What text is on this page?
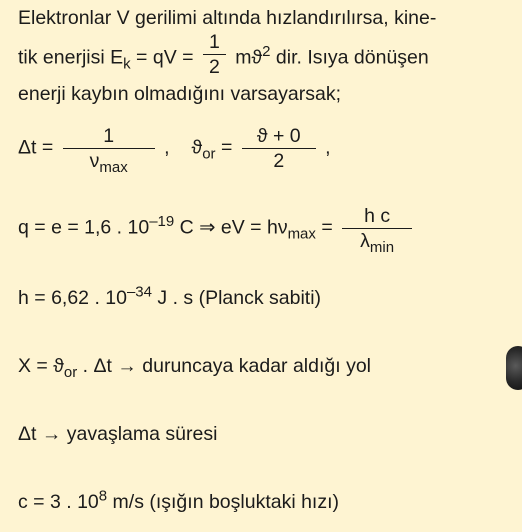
Elektronlar V gerilimi altında hızlandırılırsa, kine-
tik enerjisi $E_k$ = qV = $\frac{1}{2} mϑ^2$ dir. Isıya dönüşen
enerji kaybın olmadığını varsayarsak;
$\Delta t = \frac{1}{\nu_{max}}$ , $ϑ_{or} = \frac{ϑ + 0}{2}$ ,
q = e = 1,6 . $10^{-19}$ C ⇒ eV = $h\nu_{max} = \frac{\text{h c}}{\lambda_{min}}$
h = 6,62 . $10^{-34}$ J . s (Planck sabiti)
$X = ϑ_{or}$ . Δt → duruncaya kadar aldığı yol
Δt → yavaşlama süresi
c = 3 . $10^8$ m/s (ışığın boşluktaki hızı)
